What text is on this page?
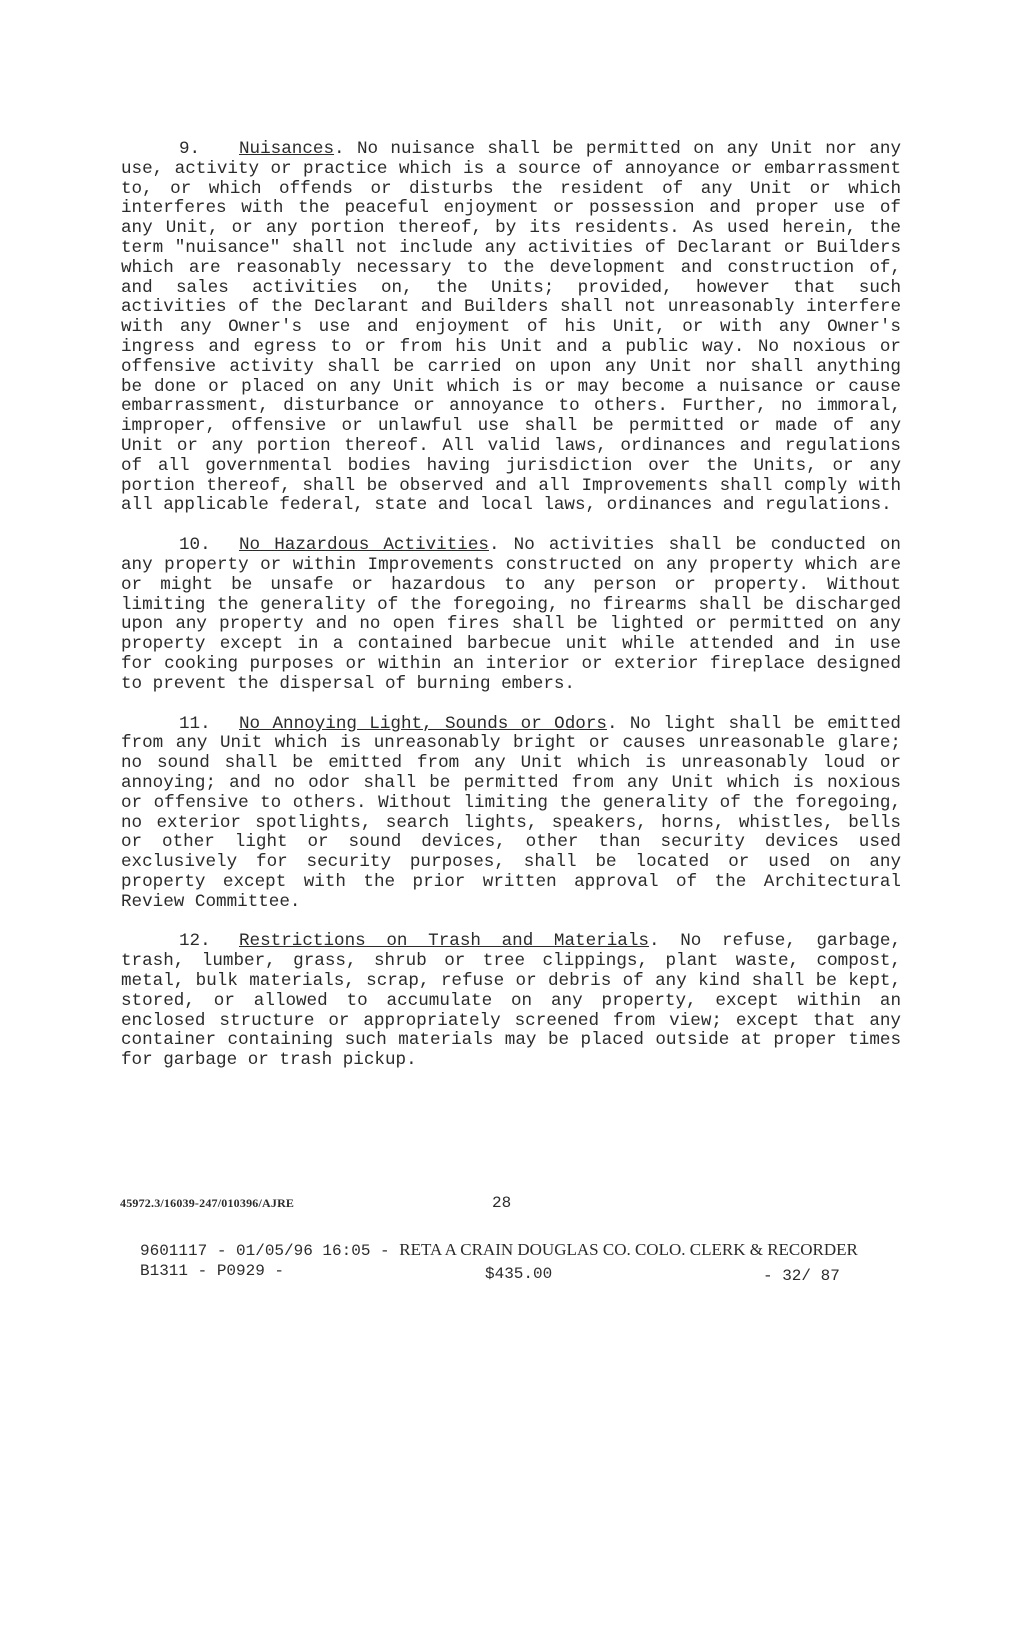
9. Nuisances. No nuisance shall be permitted on any Unit nor any use, activity or practice which is a source of annoyance or embarrassment to, or which offends or disturbs the resident of any Unit or which interferes with the peaceful enjoyment or possession and proper use of any Unit, or any portion thereof, by its residents. As used herein, the term "nuisance" shall not include any activities of Declarant or Builders which are reasonably necessary to the development and construction of, and sales activities on, the Units; provided, however that such activities of the Declarant and Builders shall not unreasonably interfere with any Owner's use and enjoyment of his Unit, or with any Owner's ingress and egress to or from his Unit and a public way. No noxious or offensive activity shall be carried on upon any Unit nor shall anything be done or placed on any Unit which is or may become a nuisance or cause embarrassment, disturbance or annoyance to others. Further, no immoral, improper, offensive or unlawful use shall be permitted or made of any Unit or any portion thereof. All valid laws, ordinances and regulations of all governmental bodies having jurisdiction over the Units, or any portion thereof, shall be observed and all Improvements shall comply with all applicable federal, state and local laws, ordinances and regulations.

10. No Hazardous Activities. No activities shall be conducted on any property or within Improvements constructed on any property which are or might be unsafe or hazardous to any person or property. Without limiting the generality of the foregoing, no firearms shall be discharged upon any property and no open fires shall be lighted or permitted on any property except in a contained barbecue unit while attended and in use for cooking purposes or within an interior or exterior fireplace designed to prevent the dispersal of burning embers.

11. No Annoying Light, Sounds or Odors. No light shall be emitted from any Unit which is unreasonably bright or causes unreasonable glare; no sound shall be emitted from any Unit which is unreasonably loud or annoying; and no odor shall be permitted from any Unit which is noxious or offensive to others. Without limiting the generality of the foregoing, no exterior spotlights, search lights, speakers, horns, whistles, bells or other light or sound devices, other than security devices used exclusively for security purposes, shall be located or used on any property except with the prior written approval of the Architectural Review Committee.

12. Restrictions on Trash and Materials. No refuse, garbage, trash, lumber, grass, shrub or tree clippings, plant waste, compost, metal, bulk materials, scrap, refuse or debris of any kind shall be kept, stored, or allowed to accumulate on any property, except within an enclosed structure or appropriately screened from view; except that any container containing such materials may be placed outside at proper times for garbage or trash pickup.

45972.3/16039-247/010396/AJRE	28
9601117 - 01/05/96 16:05 - RETA A CRAIN DOUGLAS CO. COLO. CLERK & RECORDER
B1311 - P0929 -	$435.00	- 32/ 87
